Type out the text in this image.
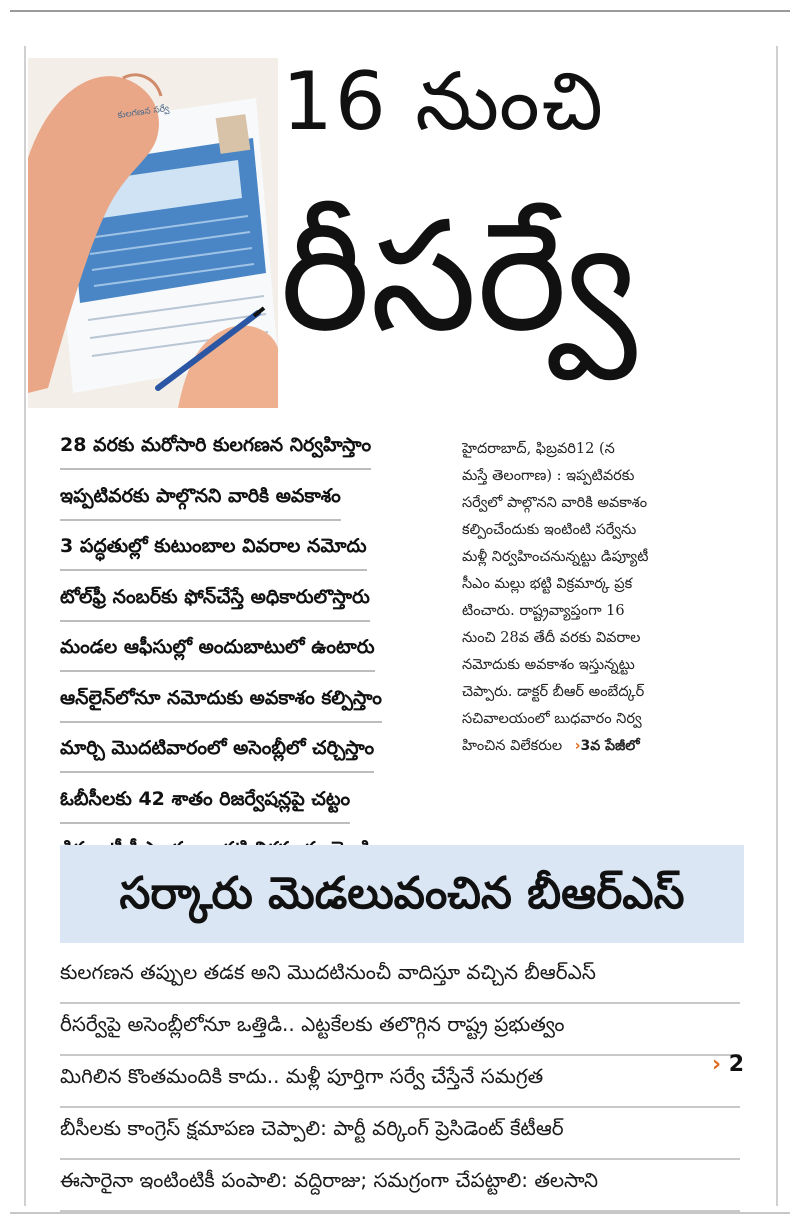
కులగణన సర్వే 16 నుంచి
రీసర్వే
28 వరకు మరోసారి కులగణన నిర్వహిస్తాం
ఇప్పటివరకు పాల్గొనని వారికి అవకాశం
3 పద్ధతుల్లో కుటుంబాల వివరాల నమోదు
టోల్‌ఫ్రీ నంబర్‌కు ఫోన్‌చేస్తే అధికారులొస్తారు
మండల ఆఫీసుల్లో అందుబాటులో ఉంటారు
ఆన్‌లైన్‌లోనూ నమోదుకు అవకాశం కల్పిస్తాం
మార్చి మొదటివారంలో అసెంబ్లీలో చర్చిస్తాం
ఓబీసీలకు 42 శాతం రిజర్వేషన్లపై చట్టం
హైదరాబాద్, ఫిబ్రవరి12 (న
మస్తే తెలంగాణ) : ఇప్పటివరకు
సర్వేలో పాల్గొనని వారికి అవకాశం
కల్పించేందుకు ఇంటింటి సర్వేను
మళ్లీ నిర్వహించనున్నట్టు డిప్యూటీ
సీఎం మల్లు భట్టి విక్రమార్క ప్రక
టించారు. రాష్ట్రవ్యాప్తంగా 16
నుంచి 28వ తేదీ వరకు వివరాల
నమోదుకు అవకాశం ఇస్తున్నట్టు
చెప్పారు. డాక్టర్ బీఆర్ అంబేద్కర్
సచివాలయంలో బుధవారం నిర్వ
హించిన విలేకరుల ›3వ పేజీలో
సర్కారు మెడలువంచిన బీఆర్‌ఎస్
కులగణన తప్పుల తడక అని మొదటినుంచీ వాదిస్తూ వచ్చిన బీఆర్‌ఎస్
రీసర్వేపై అసెంబ్లీలోనూ ఒత్తిడి.. ఎట్టకేలకు తలొగ్గిన రాష్ట్ర ప్రభుత్వం
మిగిలిన కొంతమందికి కాదు.. మళ్లీ పూర్తిగా సర్వే చేస్తేనే సమగ్రత
బీసీలకు కాంగ్రెస్ క్షమాపణ చెప్పాలి: పార్టీ వర్కింగ్ ప్రెసిడెంట్ కేటీఆర్
ఈసారైనా ఇంటింటికీ పంపాలి: వద్దిరాజు; సమగ్రంగా చేపట్టాలి: తలసాని
› 2
